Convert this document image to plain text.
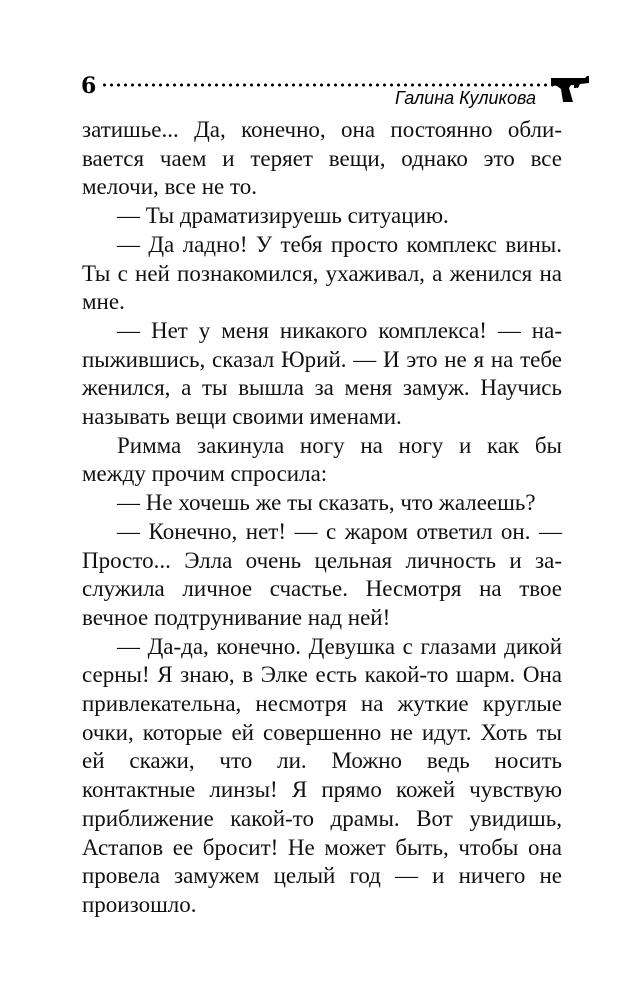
6	Галина Куликова

затишье... Да, конечно, она постоянно обливается чаем и теряет вещи, однако это все мелочи, все не то.

— Ты драматизируешь ситуацию.

— Да ладно! У тебя просто комплекс вины. Ты с ней познакомился, ухаживал, а женился на мне.

— Нет у меня никакого комплекса! — напыжившись, сказал Юрий. — И это не я на тебе женился, а ты вышла за меня замуж. Научись называть вещи своими именами.

Римма закинула ногу на ногу и как бы между прочим спросила:

— Не хочешь же ты сказать, что жалеешь?

— Конечно, нет! — с жаром ответил он. — Просто... Элла очень цельная личность и заслужила личное счастье. Несмотря на твое вечное подтрунивание над ней!

— Да-да, конечно. Девушка с глазами дикой серны! Я знаю, в Элке есть какой-то шарм. Она привлекательна, несмотря на жуткие круглые очки, которые ей совершенно не идут. Хоть ты ей скажи, что ли. Можно ведь носить контактные линзы! Я прямо кожей чувствую приближение какой-то драмы. Вот увидишь, Астапов ее бросит! Не может быть, чтобы она провела замужем целый год — и ничего не произошло.
